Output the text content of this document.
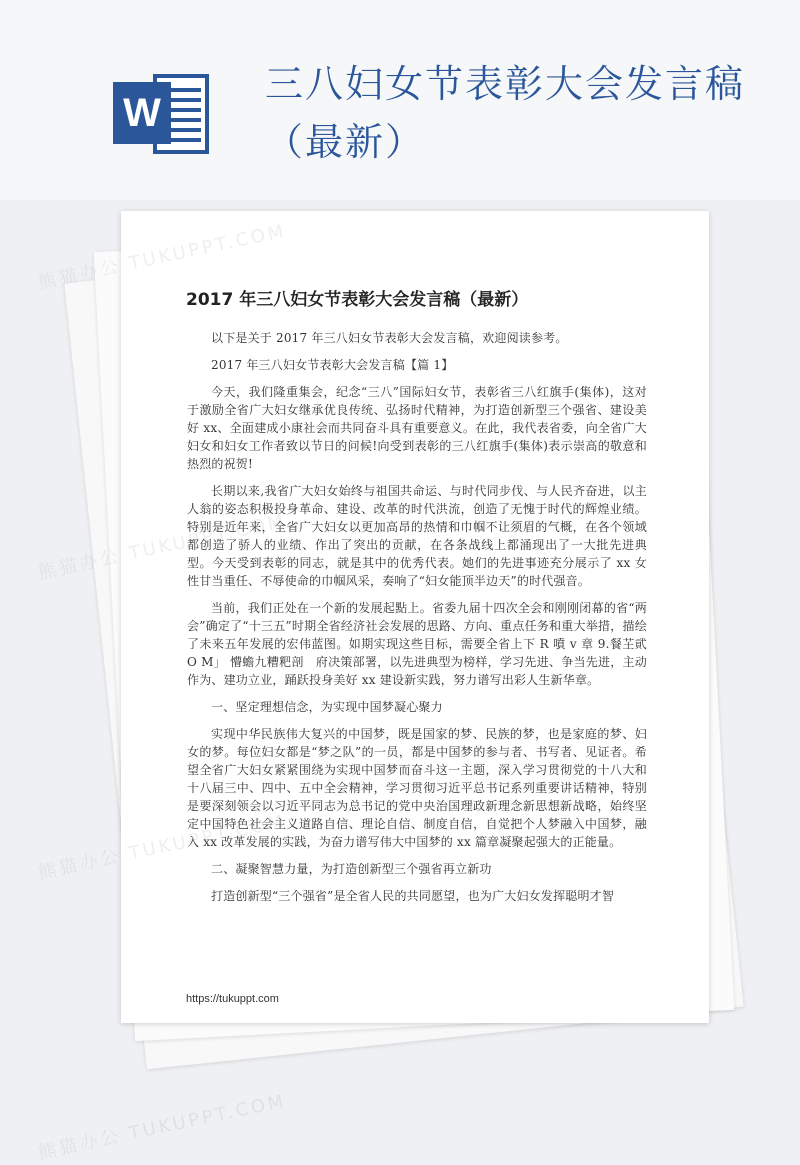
W
三八妇女节表彰大会发言稿（最新）
2017 年三八妇女节表彰大会发言稿（最新）

以下是关于 2017 年三八妇女节表彰大会发言稿，欢迎阅读参考。

2017 年三八妇女节表彰大会发言稿【篇 1】

今天，我们隆重集会，纪念“三八”国际妇女节，表彰省三八红旗手(集体)，这对于激励全省广大妇女继承优良传统、弘扬时代精神，为打造创新型三个强省、建设美好 xx、全面建成小康社会而共同奋斗具有重要意义。在此，我代表省委，向全省广大妇女和妇女工作者致以节日的问候!向受到表彰的三八红旗手(集体)表示崇高的敬意和热烈的祝贺!

长期以来,我省广大妇女始终与祖国共命运、与时代同步伐、与人民齐奋进，以主人翁的姿态积极投身革命、建设、改革的时代洪流，创造了无愧于时代的辉煌业绩。特别是近年来，全省广大妇女以更加高昂的热情和巾帼不让须眉的气概，在各个领域都创造了骄人的业绩、作出了突出的贡献，在各条战线上都涌现出了一大批先进典型。今天受到表彰的同志，就是其中的优秀代表。她们的先进事迹充分展示了 xx 女性甘当重任、不辱使命的巾帼风采，奏响了“妇女能顶半边天”的时代强音。

当前，我们正处在一个新的发展起點上。省委九届十四次全会和刚刚闭幕的省“两会”确定了“十三五”时期全省经济社会发展的思路、方向、重点任务和重大举措，描绘了未来五年发展的宏伟蓝图。如期实现这些目标，需要全省上下 R 噴 v 章 9.餐芏貮 O M」 懵蟾九糟粑剖　府决策部署，以先进典型为榜样，学习先进、争当先进，主动作为、建功立业，踊跃投身美好 xx 建设新实践，努力谱写出彩人生新华章。

一、坚定理想信念，为实现中国梦凝心聚力

实现中华民族伟大复兴的中国梦，既是国家的梦、民族的梦，也是家庭的梦、妇女的梦。每位妇女都是“梦之队”的一员，都是中国梦的参与者、书写者、见证者。希望全省广大妇女紧紧围绕为实现中国梦而奋斗这一主题，深入学习贯彻党的十八大和十八届三中、四中、五中全会精神，学习贯彻习近平总书记系列重要讲话精神，特别是要深刻领会以习近平同志为总书记的党中央治国理政新理念新思想新战略，始终坚定中国特色社会主义道路自信、理论自信、制度自信，自觉把个人梦融入中国梦，融入 xx 改革发展的实践，为奋力谱写伟大中国梦的 xx 篇章凝聚起强大的正能量。

二、凝聚智慧力量，为打造创新型三个强省再立新功

打造创新型“三个强省”是全省人民的共同愿望，也为广大妇女发挥聪明才智

https://tukuppt.com
熊猫办公
熊猫办公
熊猫办公
熊猫办公 TUKUPPT.COM
